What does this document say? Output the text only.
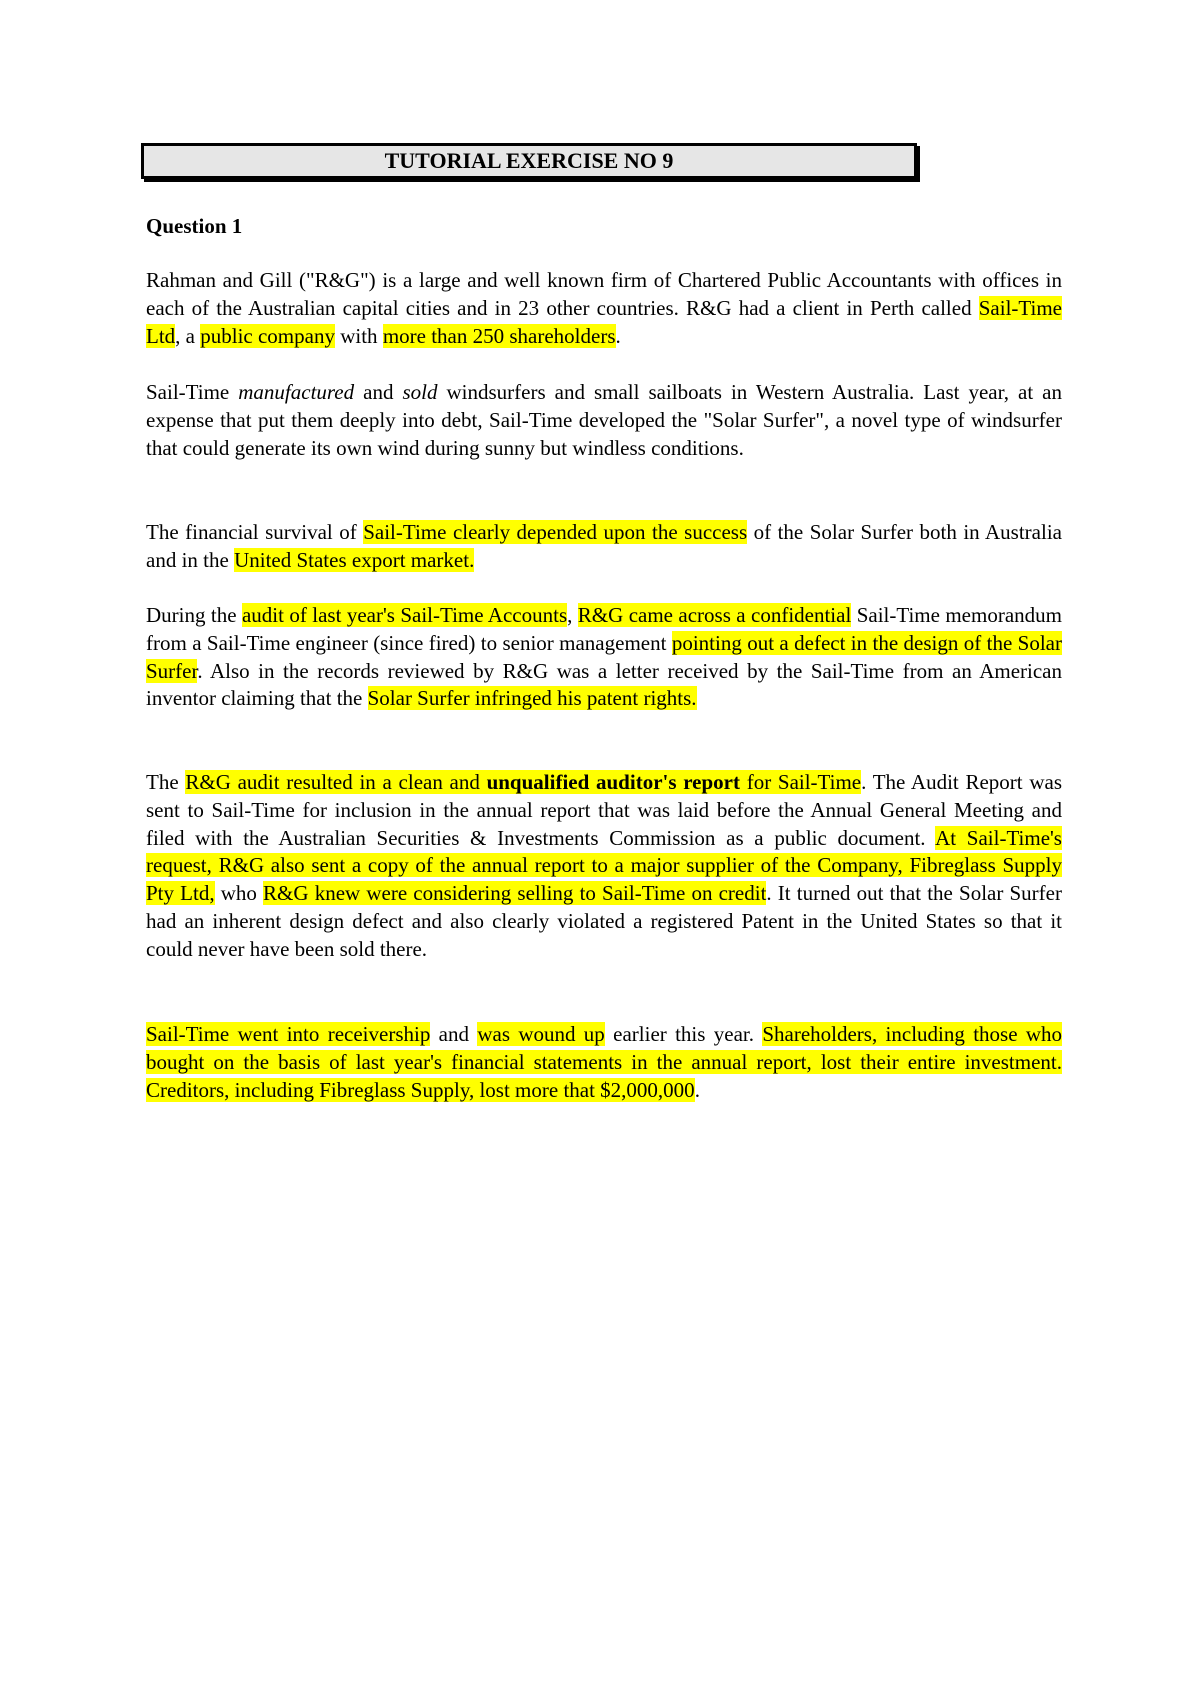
TUTORIAL EXERCISE NO 9
Question 1

Rahman and Gill ("R&G") is a large and well known firm of Chartered Public Accountants with offices in each of the Australian capital cities and in 23 other countries. R&G had a client in Perth called Sail-Time Ltd, a public company with more than 250 shareholders.

Sail-Time manufactured and sold windsurfers and small sailboats in Western Australia. Last year, at an expense that put them deeply into debt, Sail-Time developed the "Solar Surfer", a novel type of windsurfer that could generate its own wind during sunny but windless conditions.

The financial survival of Sail-Time clearly depended upon the success of the Solar Surfer both in Australia and in the United States export market.

During the audit of last year's Sail-Time Accounts, R&G came across a confidential Sail-Time memorandum from a Sail-Time engineer (since fired) to senior management pointing out a defect in the design of the Solar Surfer. Also in the records reviewed by R&G was a letter received by the Sail-Time from an American inventor claiming that the Solar Surfer infringed his patent rights.

The R&G audit resulted in a clean and unqualified auditor's report for Sail-Time. The Audit Report was sent to Sail-Time for inclusion in the annual report that was laid before the Annual General Meeting and filed with the Australian Securities & Investments Commission as a public document. At Sail-Time's request, R&G also sent a copy of the annual report to a major supplier of the Company, Fibreglass Supply Pty Ltd, who R&G knew were considering selling to Sail-Time on credit. It turned out that the Solar Surfer had an inherent design defect and also clearly violated a registered Patent in the United States so that it could never have been sold there.

Sail-Time went into receivership and was wound up earlier this year. Shareholders, including those who bought on the basis of last year's financial statements in the annual report, lost their entire investment. Creditors, including Fibreglass Supply, lost more that $2,000,000.
